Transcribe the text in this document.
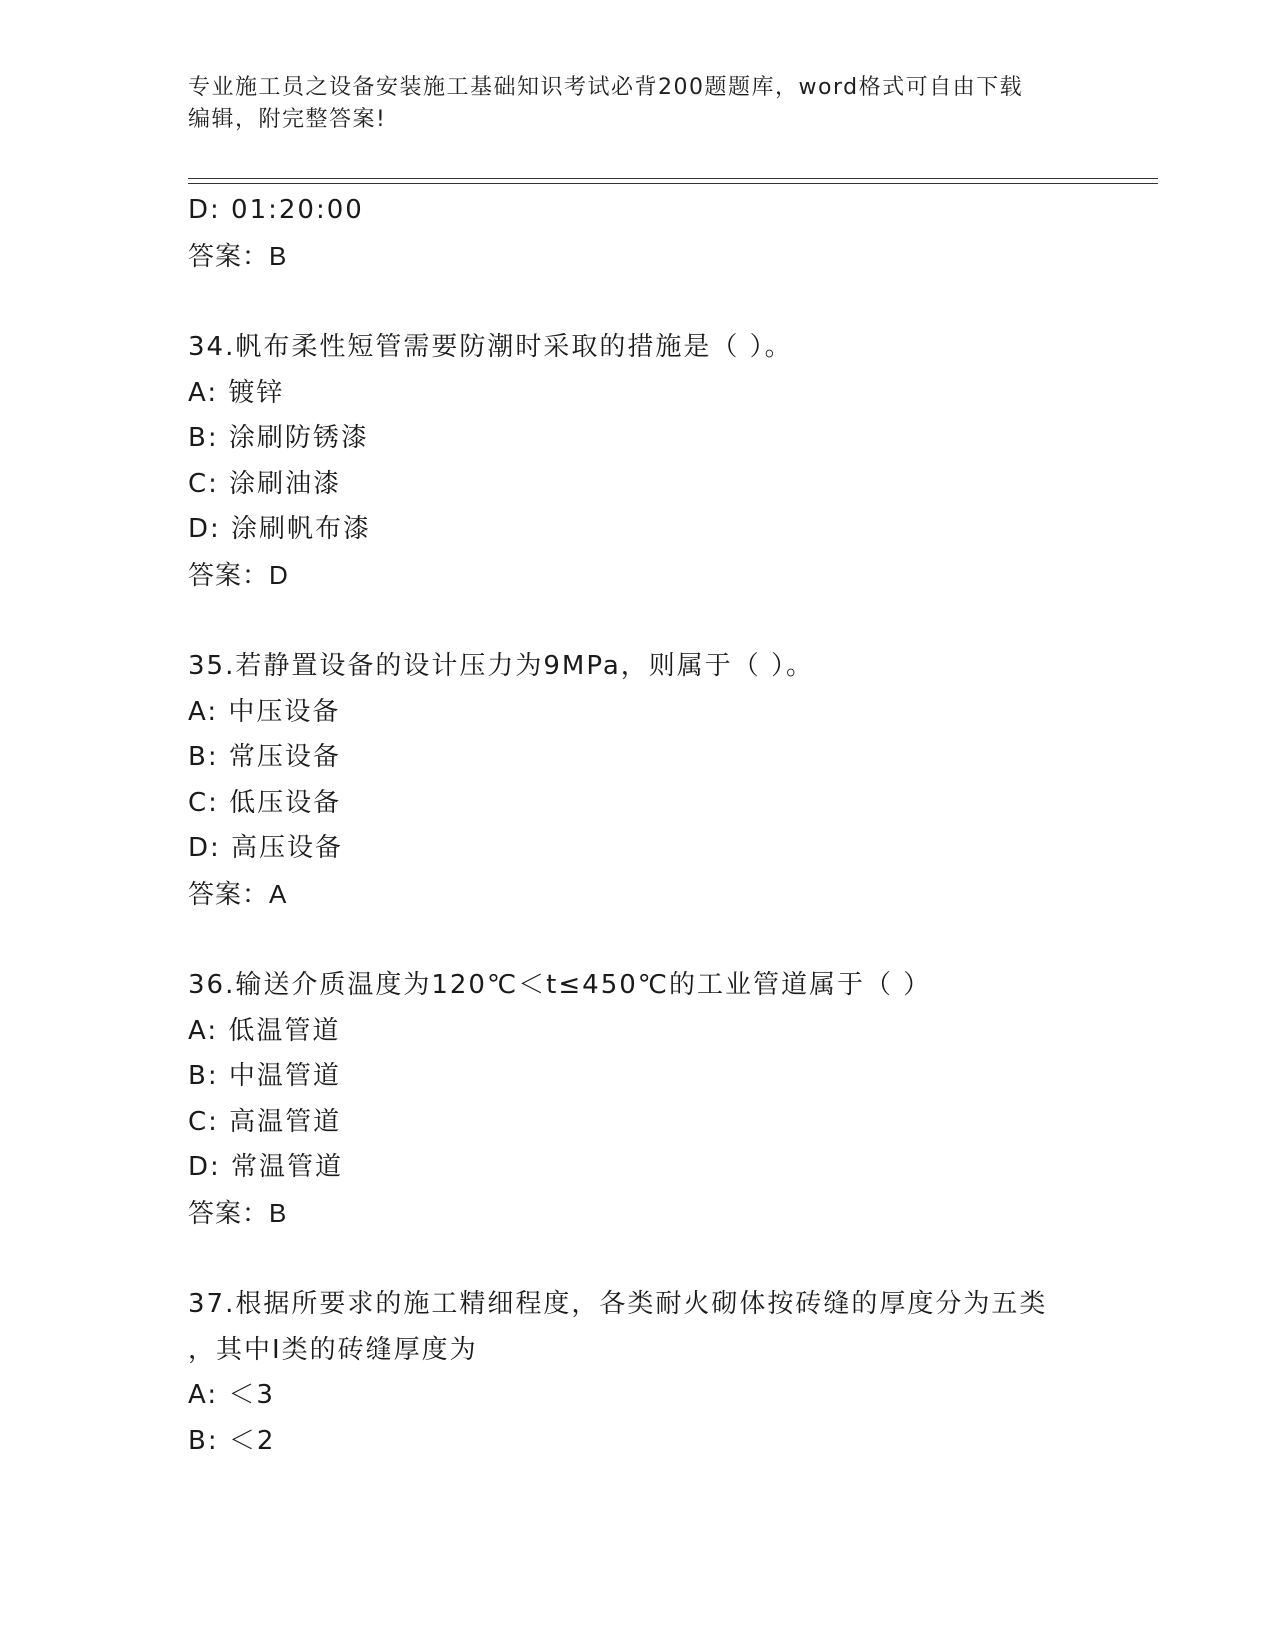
专业施工员之设备安装施工基础知识考试必背200题题库，word格式可自由下载
编辑，附完整答案!
D: 01:20:00
答案：B
34.帆布柔性短管需要防潮时采取的措施是（ ）。
A: 镀锌
B: 涂刷防锈漆
C: 涂刷油漆
D: 涂刷帆布漆
答案：D
35.若静置设备的设计压力为9MPa，则属于（ ）。
A: 中压设备
B: 常压设备
C: 低压设备
D: 高压设备
答案：A
36.输送介质温度为120℃＜t≤450℃的工业管道属于（ ）
A: 低温管道
B: 中温管道
C: 高温管道
D: 常温管道
答案：B
37.根据所要求的施工精细程度，各类耐火砌体按砖缝的厚度分为五类
，其中Ⅰ类的砖缝厚度为
A: ＜3
B: ＜2
